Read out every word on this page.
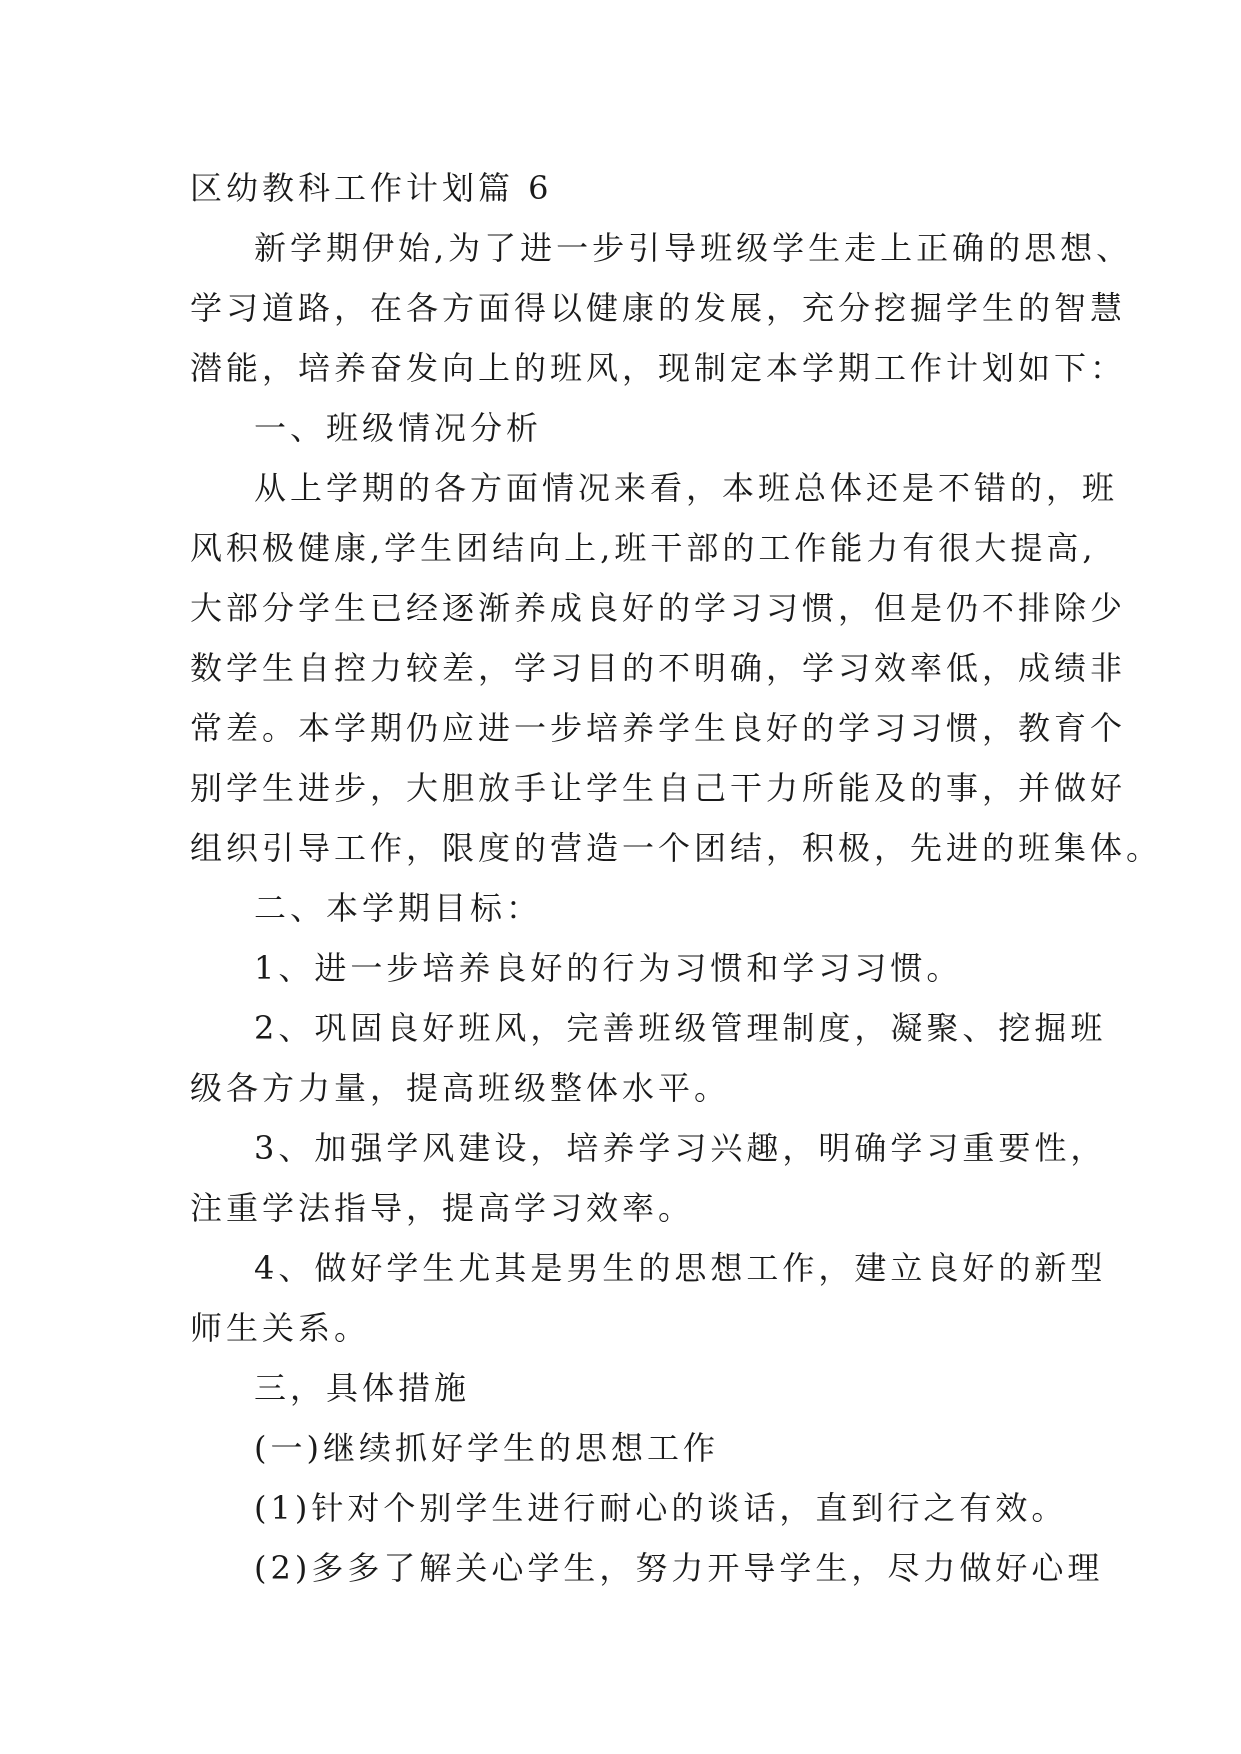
区幼教科工作计划篇 6
新学期伊始,为了进一步引导班级学生走上正确的思想、
学习道路，在各方面得以健康的发展，充分挖掘学生的智慧
潜能，培养奋发向上的班风，现制定本学期工作计划如下：
一、班级情况分析
从上学期的各方面情况来看，本班总体还是不错的，班
风积极健康,学生团结向上,班干部的工作能力有很大提高,
大部分学生已经逐渐养成良好的学习习惯，但是仍不排除少
数学生自控力较差，学习目的不明确，学习效率低，成绩非
常差。本学期仍应进一步培养学生良好的学习习惯，教育个
别学生进步，大胆放手让学生自己干力所能及的事，并做好
组织引导工作，限度的营造一个团结，积极，先进的班集体。
二、本学期目标：
1、进一步培养良好的行为习惯和学习习惯。
2、巩固良好班风，完善班级管理制度，凝聚、挖掘班
级各方力量，提高班级整体水平。
3、加强学风建设，培养学习兴趣，明确学习重要性，
注重学法指导，提高学习效率。
4、做好学生尤其是男生的思想工作，建立良好的新型
师生关系。
三，具体措施
(一)继续抓好学生的思想工作
(1)针对个别学生进行耐心的谈话，直到行之有效。
(2)多多了解关心学生，努力开导学生，尽力做好心理
